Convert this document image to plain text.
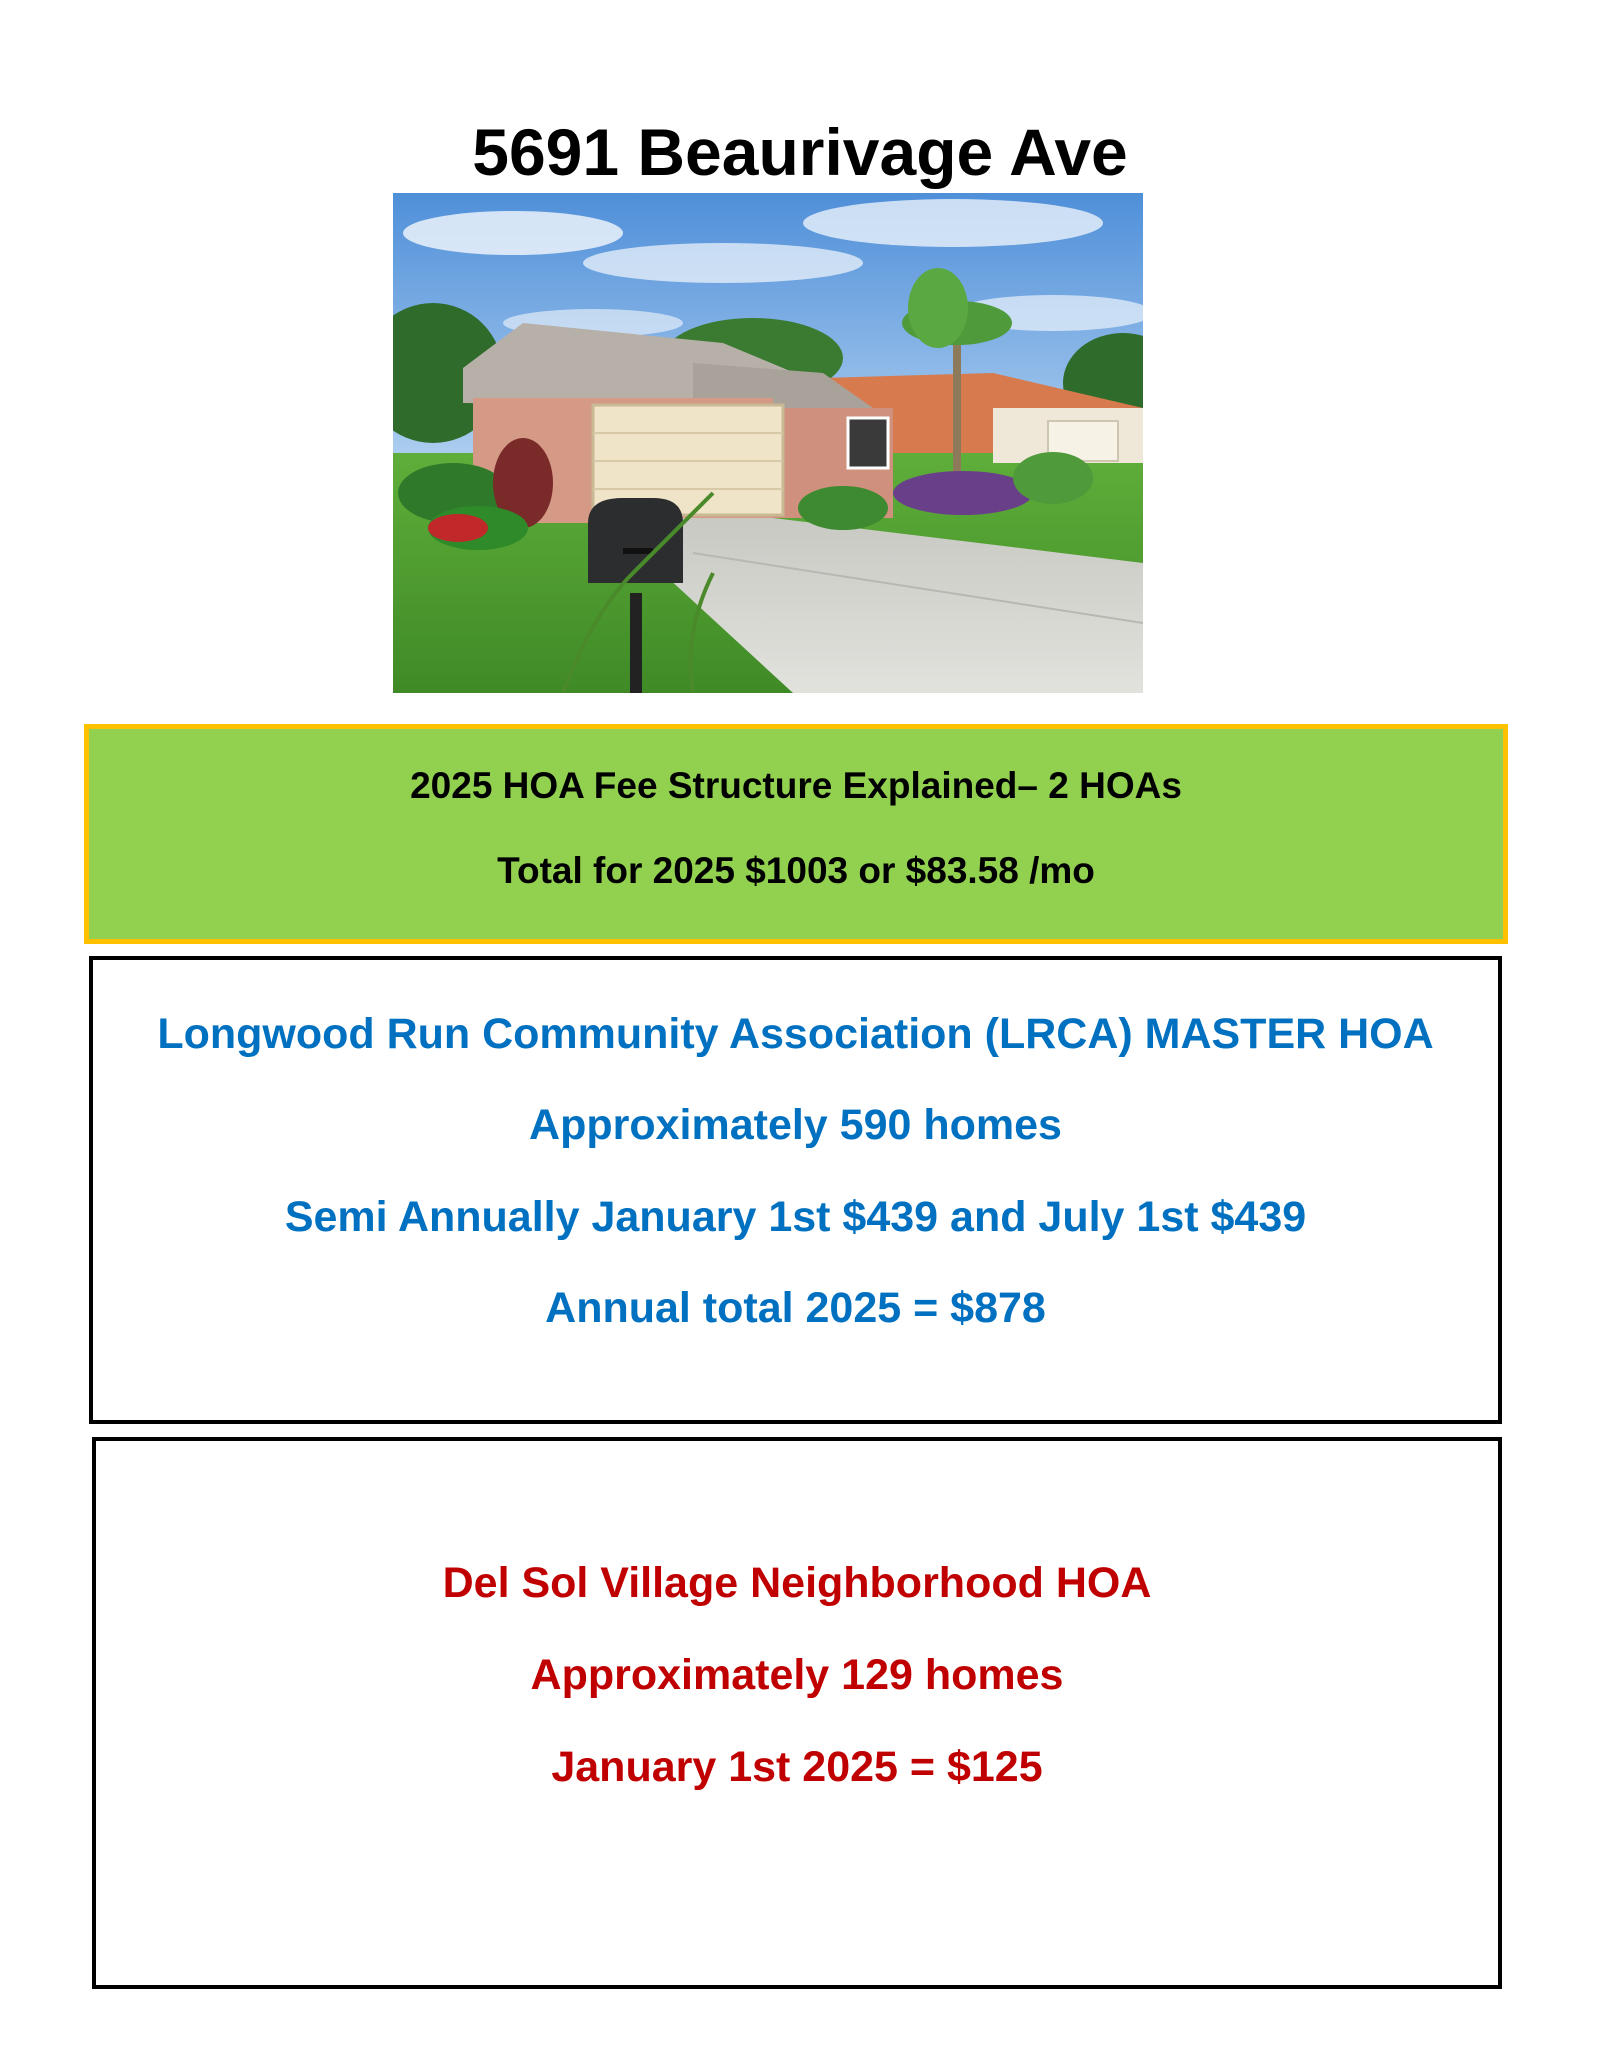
5691 Beaurivage Ave
2025 HOA Fee Structure Explained– 2 HOAs
Total for 2025 $1003 or $83.58 /mo
Longwood Run Community Association (LRCA) MASTER HOA
Approximately 590 homes
Semi Annually January 1st $439 and July 1st $439
Annual total 2025 = $878
Del Sol Village Neighborhood HOA
Approximately 129 homes
January 1st 2025 = $125
